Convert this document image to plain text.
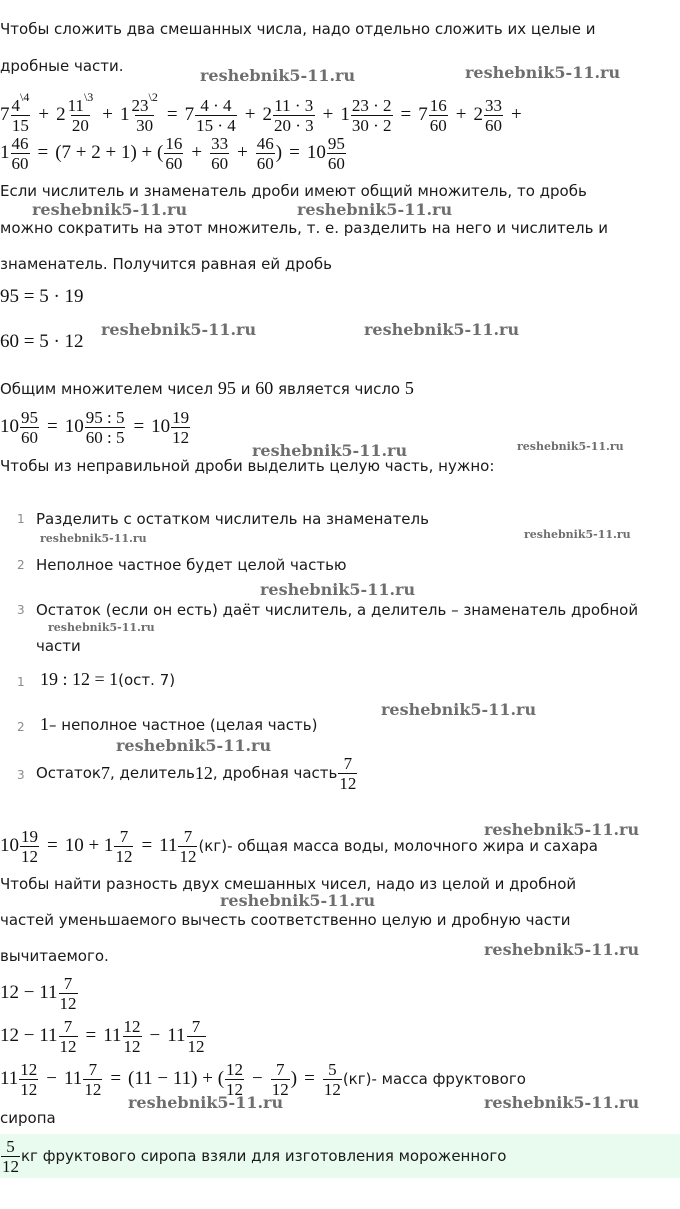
Чтобы сложить два смешанных числа, надо отдельно сложить их целые и
дробные части.
$7 \frac{4^{\backslash 4}}{15} + 2 \frac{11^{\backslash 3}}{20} + 1 \frac{23^{\backslash 2}}{30} = 7 \frac{4 \cdot 4}{15 \cdot 4} + 2 \frac{11 \cdot 3}{20 \cdot 3} + 1 \frac{23 \cdot 2}{30 \cdot 2} = 7 \frac{16}{60} + 2 \frac{33}{60}$ +
$1 \frac{46}{60} = (7 + 2 + 1)$ + ( $\frac{16}{60} + \frac{33}{60} + \frac{46}{60}$ ) = $10 \frac{95}{60}$
Если числитель и знаменатель дроби имеют общий множитель, то дробь
можно сократить на этот множитель, т. е. разделить на него и числитель и
знаменатель. Получится равная ей дробь
95 = 5 · 19
60 = 5 · 12
Общим множителем чисел
95
и
60
является число
5
$10 \frac{95}{60} = 10 \frac{95 : 5}{60 : 5} = 10 \frac{19}{12}$
Чтобы из неправильной дроби выделить целую часть, нужно:
1 Разделить с остатком числитель на знаменатель
2 Неполное частное будет целой частью
3 Остаток (если он есть) даёт числитель, а делитель – знаменатель дробной
части
1 19 : 12 = 1 (ост. 7)
2 1 – неполное частное (целая часть)
3 Остаток 7 , делитель 12 , дробная часть $\frac{7}{12}$
$10 \frac{19}{12} = 10 + 1 \frac{7}{12} = 11 \frac{7}{12} (кг)$ - общая масса воды, молочного жира и сахара
Чтобы найти разность двух смешанных чисел, надо из целой и дробной
частей уменьшаемого вычесть соответственно целую и дробную части
вычитаемого.
$12 - 11 \frac{7}{12}$
$12 - 11 \frac{7}{12} = 11 \frac{12}{12} - 11 \frac{7}{12}$
$11 \frac{12}{12} - 11 \frac{7}{12} = (11 - 11)$ + ( $\frac{12}{12} - \frac{7}{12}$ ) = $\frac{5}{12} (кг)$ - масса фруктового
сиропа
$\frac{5}{12}$ кг фруктового сиропа взяли для изготовления мороженного
reshebnik5-11.ru	reshebnik5-11.ru
reshebnik5-11.ru	reshebnik5-11.ru
reshebnik5-11.ru	reshebnik5-11.ru
reshebnik5-11.ru	reshebnik5-11.ru
reshebnik5-11.ru	reshebnik5-11.ru
reshebnik5-11.ru
reshebnik5-11.ru
reshebnik5-11.ru
reshebnik5-11.ru
reshebnik5-11.ru
reshebnik5-11.ru
reshebnik5-11.ru
reshebnik5-11.ru	reshebnik5-11.ru
